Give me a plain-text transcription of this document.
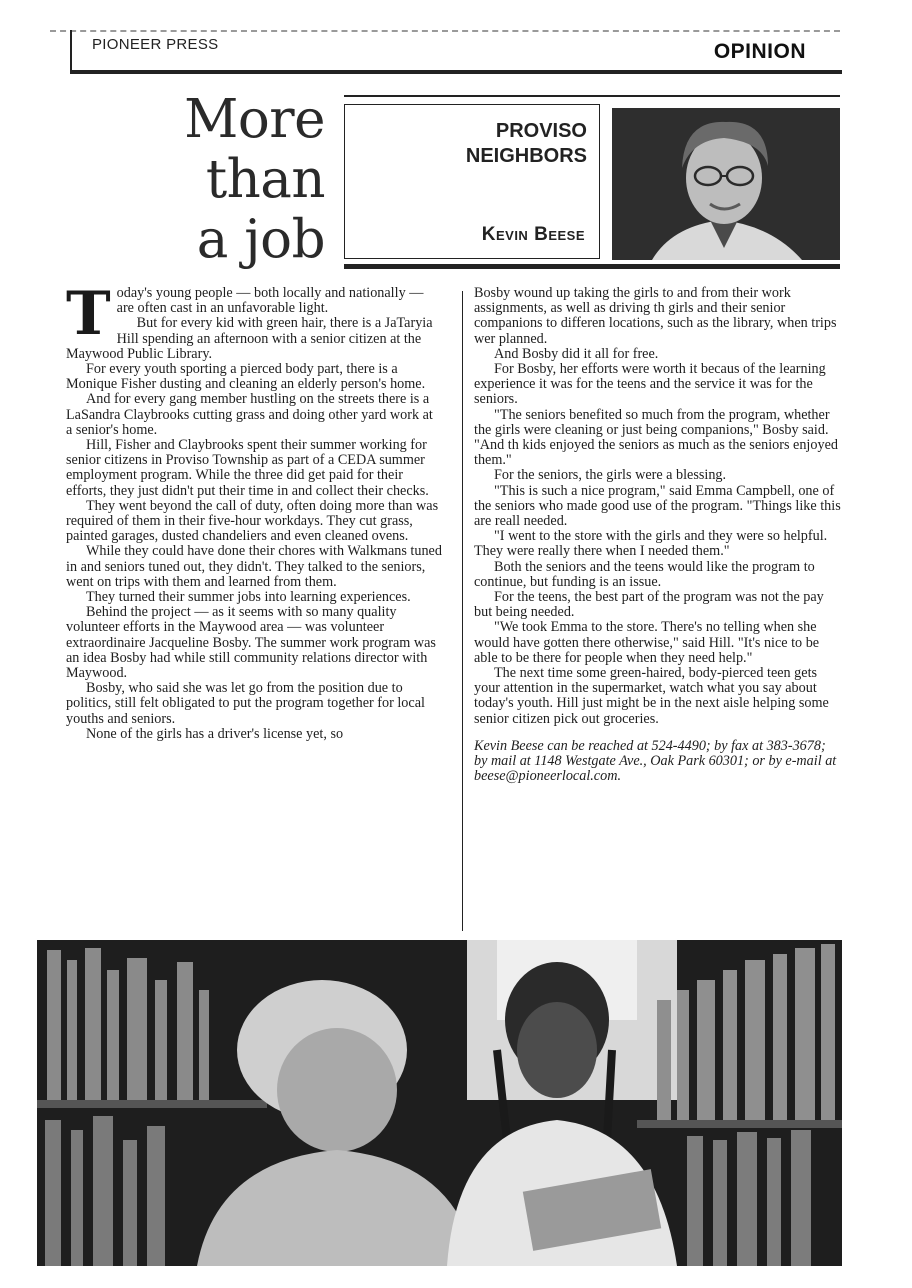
PIONEER PRESS	OPINION
More
than
a job
PROVISO
NEIGHBORS
Kevin Beese
T oday's young people — both locally and nationally — are often cast in an unfavorable light.

But for every kid with green hair, there is a JaTaryia Hill spending an afternoon with a senior citizen at the Maywood Public Library.

For every youth sporting a pierced body part, there is a Monique Fisher dusting and cleaning an elderly person's home.

And for every gang member hustling on the streets there is a LaSandra Claybrooks cutting grass and doing other yard work at a senior's home.

Hill, Fisher and Claybrooks spent their summer working for senior citizens in Proviso Township as part of a CEDA summer employment program. While the three did get paid for their efforts, they just didn't put their time in and collect their checks.

They went beyond the call of duty, often doing more than was required of them in their five-hour workdays. They cut grass, painted garages, dusted chandeliers and even cleaned ovens.

While they could have done their chores with Walkmans tuned in and seniors tuned out, they didn't. They talked to the seniors, went on trips with them and learned from them.

They turned their summer jobs into learning experiences.

Behind the project — as it seems with so many quality volunteer efforts in the Maywood area — was volunteer extraordinaire Jacqueline Bosby. The summer work program was an idea Bosby had while still community relations director with Maywood.

Bosby, who said she was let go from the position due to politics, still felt obligated to put the program together for local youths and seniors.

None of the girls has a driver's license yet, so

Bosby wound up taking the girls to and from their work assignments, as well as driving th girls and their senior companions to differen locations, such as the library, when trips wer planned.

And Bosby did it all for free.

For Bosby, her efforts were worth it becaus of the learning experience it was for the teens and the service it was for the seniors.

"The seniors benefited so much from the program, whether the girls were cleaning or just being companions," Bosby said. "And th kids enjoyed the seniors as much as the seniors enjoyed them."

For the seniors, the girls were a blessing.

"This is such a nice program," said Emma Campbell, one of the seniors who made good use of the program. "Things like this are reall needed.

"I went to the store with the girls and they were so helpful. They were really there when I needed them."

Both the seniors and the teens would like the program to continue, but funding is an issue.

For the teens, the best part of the program was not the pay but being needed.

"We took Emma to the store. There's no telling when she would have gotten there otherwise," said Hill. "It's nice to be able to be there for people when they need help."

The next time some green-haired, body-pierced teen gets your attention in the supermarket, watch what you say about today's youth. Hill just might be in the next aisle helping some senior citizen pick out groceries.

Kevin Beese can be reached at 524-4490; by fax at 383-3678; by mail at 1148 Westgate Ave., Oak Park 60301; or by e-mail at beese@pioneerlocal.com.
